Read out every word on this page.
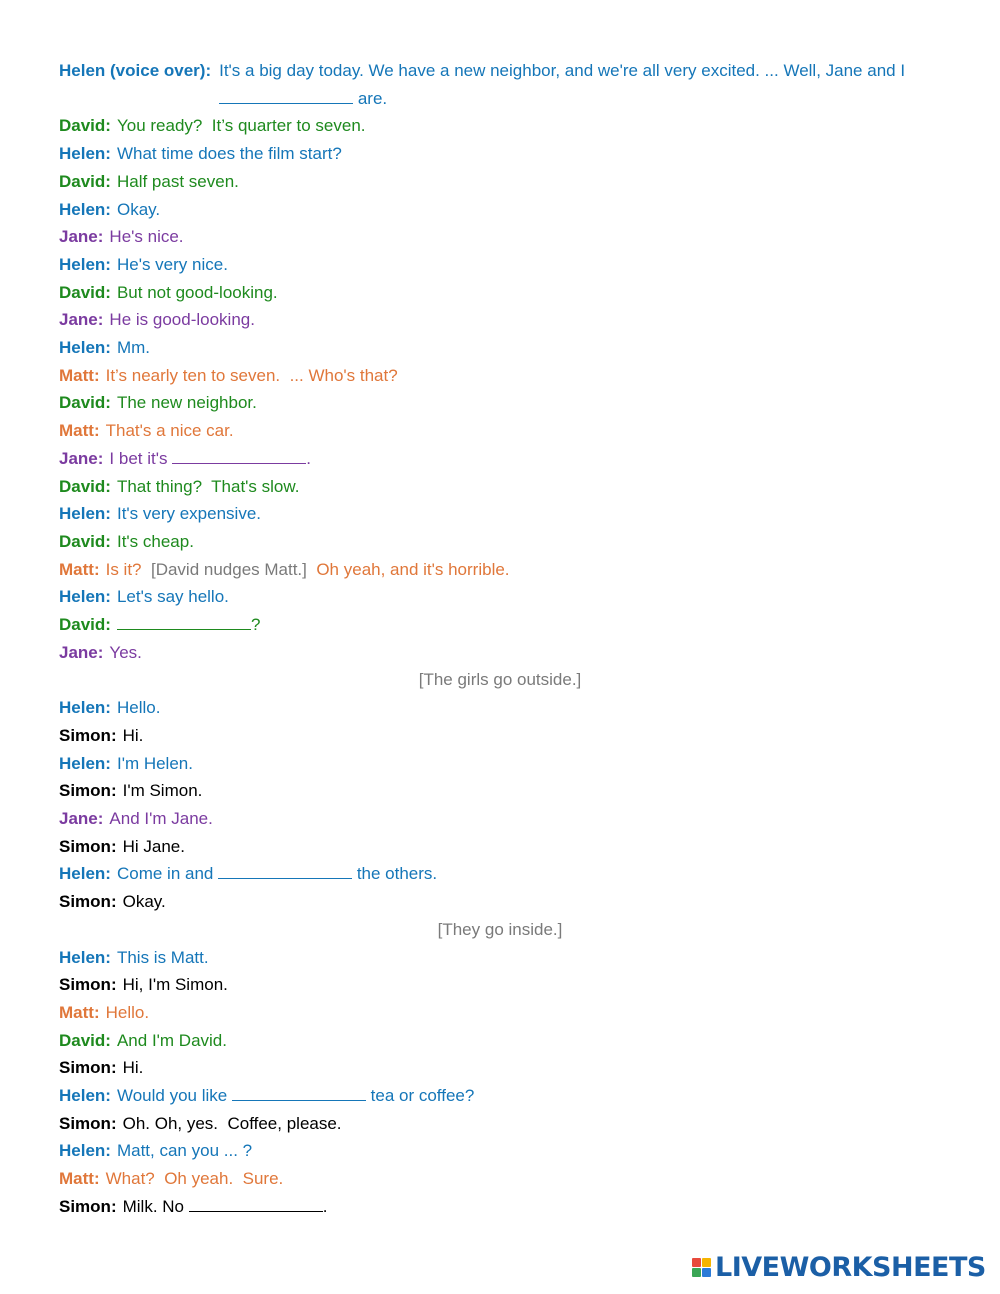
Helen (voice over): It's a big day today. We have a new neighbor, and we're all very excited. ... Well, Jane and I  are.
David: You ready?  It’s quarter to seven.
Helen: What time does the film start?
David: Half past seven.
Helen: Okay.
Jane: He's nice.
Helen: He's very nice.
David: But not good-looking.
Jane: He is good-looking.
Helen: Mm.
Matt: It’s nearly ten to seven.  ... Who's that?
David: The new neighbor.
Matt: That's a nice car.
Jane: I bet it's	.
David: That thing?  That's slow.
Helen: It's very expensive.
David: It's cheap.
Matt: Is it?  [David nudges Matt.]  Oh yeah, and it's horrible.
Helen: Let's say hello.
David:	?
Jane: Yes.
[The girls go outside.]
Helen: Hello.
Simon: Hi.
Helen: I'm Helen.
Simon: I'm Simon.
Jane: And I'm Jane.
Simon: Hi Jane.
Helen: Come in and	the others.
Simon: Okay.
[They go inside.]
Helen: This is Matt.
Simon: Hi, I'm Simon.
Matt: Hello.
David: And I'm David.
Simon: Hi.
Helen: Would you like	tea or coffee?
Simon: Oh. Oh, yes.  Coffee, please.
Helen: Matt, can you ... ?
Matt: What?  Oh yeah.  Sure.
Simon: Milk. No	.
LIVEWORKSHEETS
